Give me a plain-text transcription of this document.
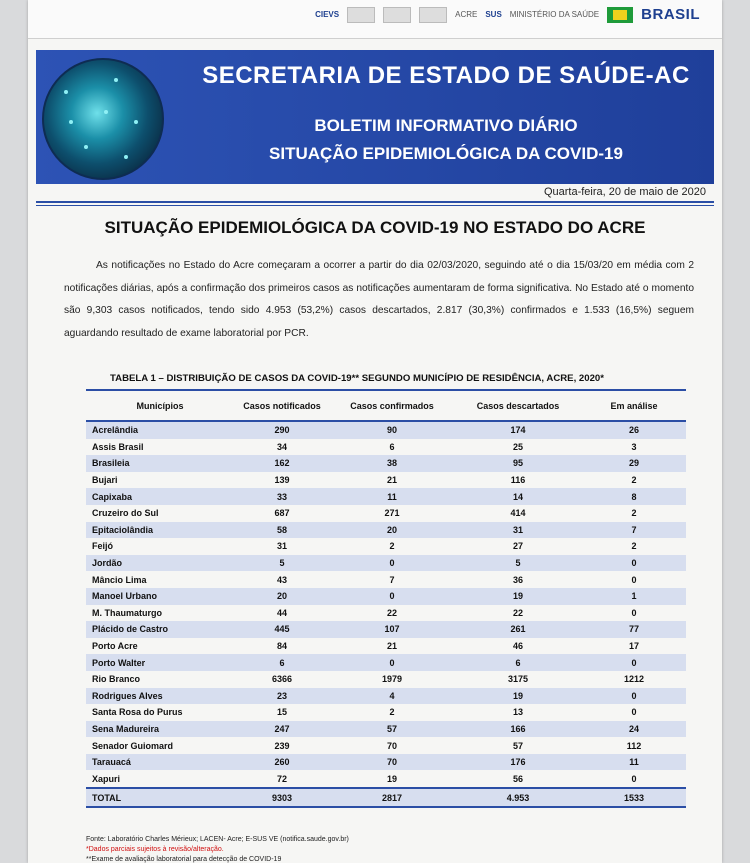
CIEVS	ACRE SUS MINISTÉRIO DA SAÚDE	BRASIL
SECRETARIA DE ESTADO DE SAÚDE-AC
BOLETIM INFORMATIVO DIÁRIO
SITUAÇÃO EPIDEMIOLÓGICA DA COVID-19
Quarta-feira, 20 de maio de 2020
SITUAÇÃO EPIDEMIOLÓGICA DA COVID-19 NO ESTADO DO ACRE
As notificações no Estado do Acre começaram a ocorrer a partir do dia 02/03/2020, seguindo até o dia 15/03/20 em média com 2 notificações diárias, após a confirmação dos primeiros casos as notificações aumentaram de forma significativa. No Estado até o momento são 9,303 casos notificados, tendo sido 4.953 (53,2%) casos descartados, 2.817 (30,3%) confirmados e 1.533 (16,5%) seguem aguardando resultado de exame laboratorial por PCR.
TABELA 1 – DISTRIBUIÇÃO DE CASOS DA COVID-19** SEGUNDO MUNICÍPIO DE RESIDÊNCIA, ACRE, 2020*
Municípios	Casos notificados	Casos confirmados	Casos descartados	Em análise
Acrelândia	290	90	174	26
Assis Brasil	34	6	25	3
Brasileia	162	38	95	29
Bujari	139	21	116	2
Capixaba	33	11	14	8
Cruzeiro do Sul	687	271	414	2
Epitaciolândia	58	20	31	7
Feijó	31	2	27	2
Jordão	5	0	5	0
Mâncio Lima	43	7	36	0
Manoel Urbano	20	0	19	1
M. Thaumaturgo	44	22	22	0
Plácido de Castro	445	107	261	77
Porto Acre	84	21	46	17
Porto Walter	6	0	6	0
Rio Branco	6366	1979	3175	1212
Rodrigues Alves	23	4	19	0
Santa Rosa do Purus	15	2	13	0
Sena Madureira	247	57	166	24
Senador Guiomard	239	70	57	112
Tarauacá	260	70	176	11
Xapuri	72	19	56	0
TOTAL	9303	2817	4.953	1533
Fonte: Laboratório Charles Mérieux; LACEN- Acre; E-SUS VE (notifica.saude.gov.br)
*Dados parciais sujeitos à revisão/alteração.
**Exame de avaliação laboratorial para detecção de COVID-19
